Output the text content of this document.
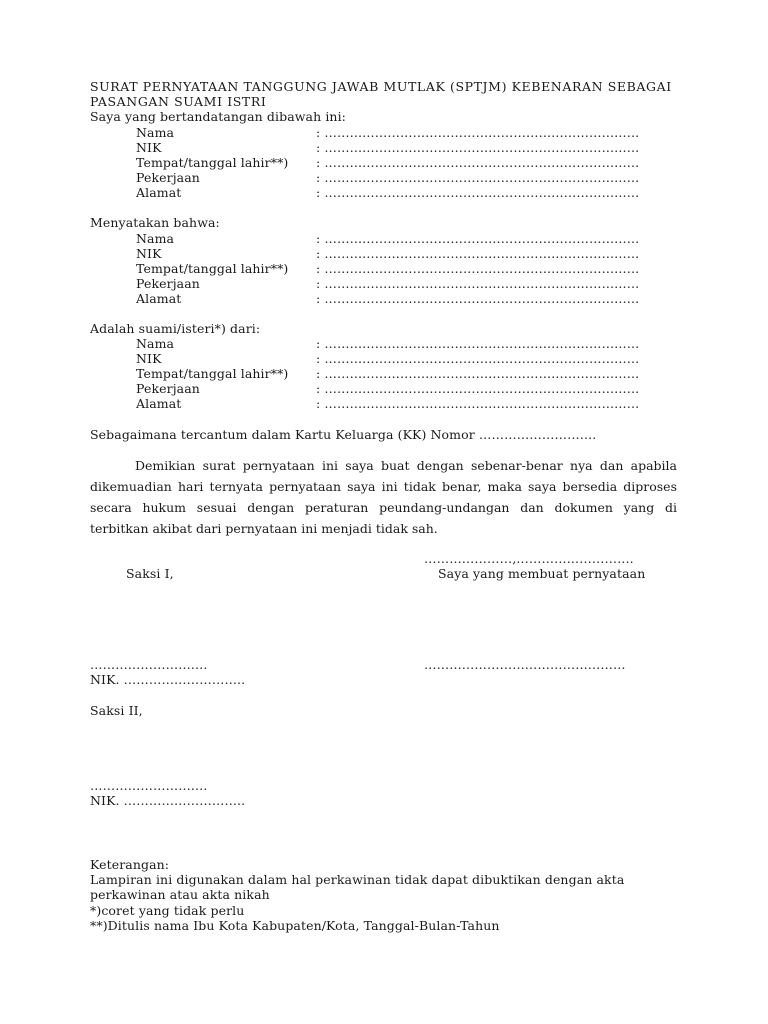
SURAT PERNYATAAN TANGGUNG JAWAB MUTLAK (SPTJM) KEBENARAN SEBAGAI
PASANGAN SUAMI ISTRI
Saya yang bertandatangan dibawah ini:
Nama	: …………………………………………………………………
NIK	: …………………………………………………………………
Tempat/tanggal lahir**) : …………………………………………………………………
Pekerjaan	: …………………………………………………………………
Alamat	: …………………………………………………………………
Menyatakan bahwa:
Nama	: …………………………………………………………………
NIK	: …………………………………………………………………
Tempat/tanggal lahir**) : …………………………………………………………………
Pekerjaan	: …………………………………………………………………
Alamat	: …………………………………………………………………
Adalah suami/isteri*) dari:
Nama	: …………………………………………………………………
NIK	: …………………………………………………………………
Tempat/tanggal lahir**) : …………………………………………………………………
Pekerjaan	: …………………………………………………………………
Alamat	: …………………………………………………………………
Sebagaimana tercantum dalam Kartu Keluarga (KK) Nomor ……………………….
Demikian surat pernyataan ini saya buat dengan sebenar-benar nya dan apabila dikemuadian hari ternyata pernyataan saya ini tidak benar, maka saya bersedia diproses secara hukum sesuai dengan peraturan peundang-undangan dan dokumen yang di terbitkan akibat dari pernyataan ini menjadi tidak sah.
…………………,……………………….
Saksi I,	Saya yang membuat pernyataan
……………………….	…………………………………………
NIK. ………………………..
Saksi II,
……………………….
NIK. ………………………..
Keterangan:
Lampiran ini digunakan dalam hal perkawinan tidak dapat dibuktikan dengan akta
perkawinan atau akta nikah
*)coret yang tidak perlu
**)Ditulis nama Ibu Kota Kabupaten/Kota, Tanggal-Bulan-Tahun
